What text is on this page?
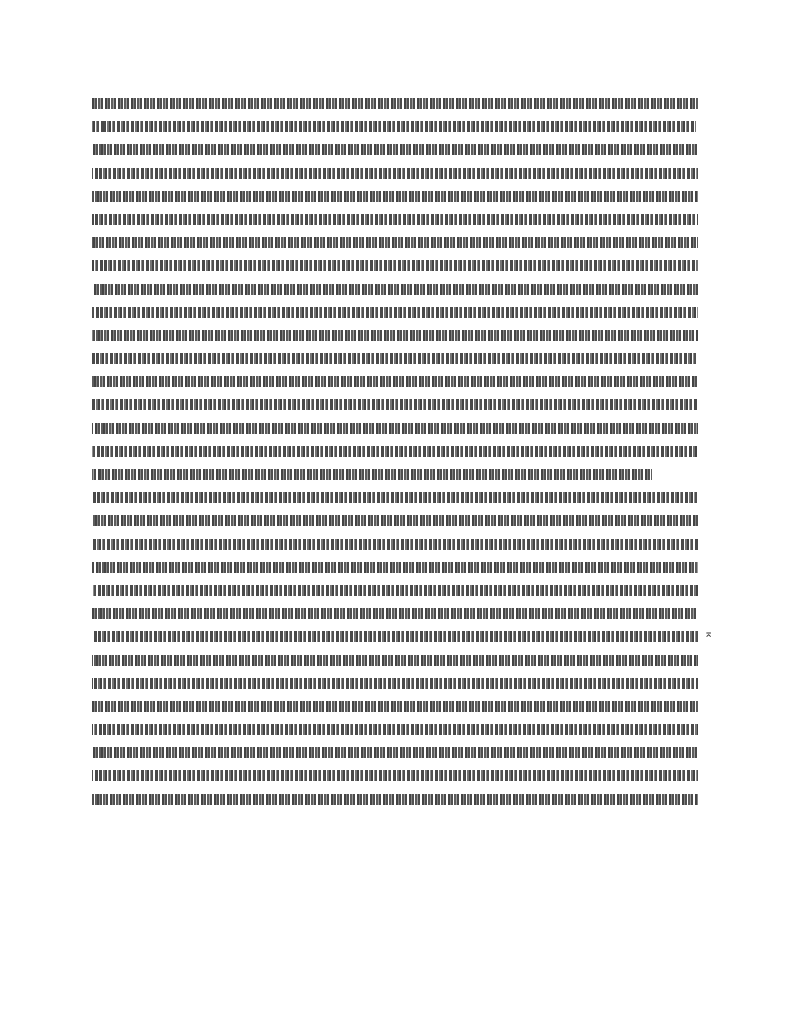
⌅
